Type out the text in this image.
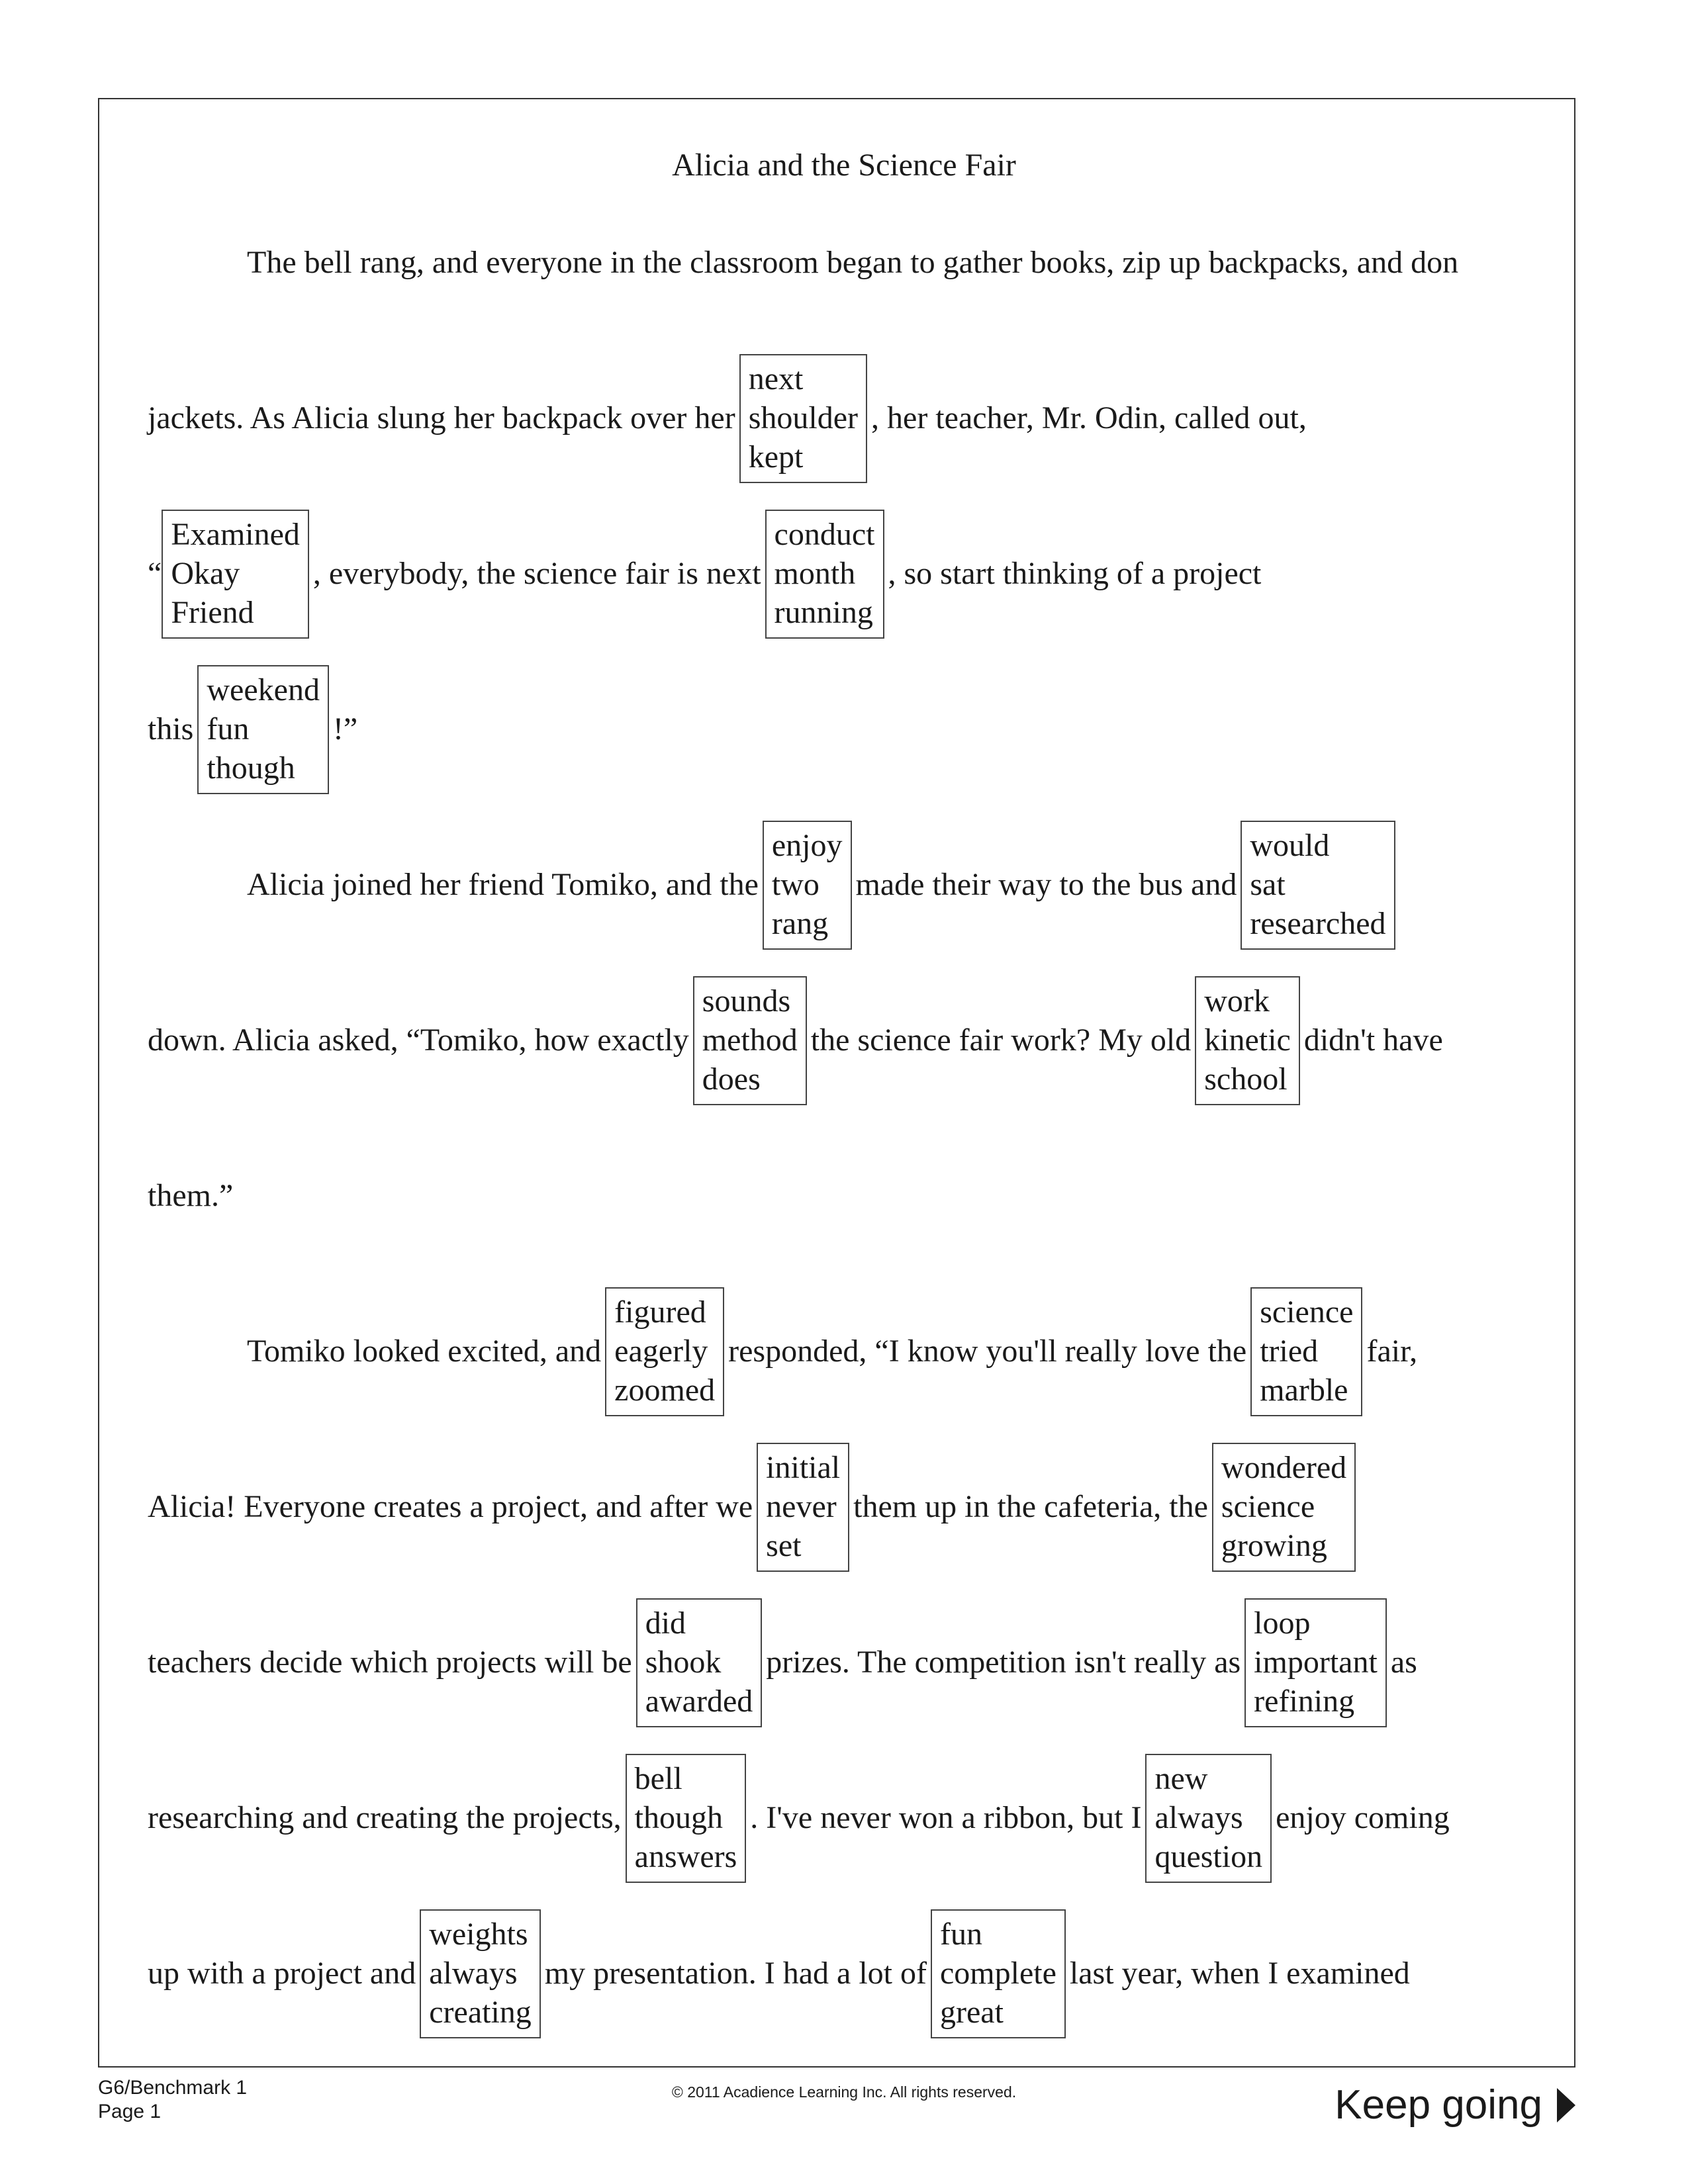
Alicia and the Science Fair
The bell rang, and everyone in the classroom began to gather books, zip up backpacks, and don
jackets. As Alicia slung her backpack over her
next
shoulder
kept
, her teacher, Mr. Odin, called out,
“
Examined
Okay
Friend
, everybody, the science fair is next
conduct
month
running
, so start thinking of a project
this
weekend
fun
though
!”
Alicia joined her friend Tomiko, and the
enjoy
two
rang
made their way to the bus and
would
sat
researched
down. Alicia asked, “Tomiko, how exactly
sounds
method
does
the science fair work? My old
work
kinetic
school
didn't have
them.”
Tomiko looked excited, and
figured
eagerly
zoomed
responded, “I know you'll really love the
science
tried
marble
fair,
Alicia! Everyone creates a project, and after we
initial
never
set
them up in the cafeteria, the
wondered
science
growing
teachers decide which projects will be
did
shook
awarded
prizes. The competition isn't really as
loop
important
refining
as
researching and creating the projects,
bell
though
answers
. I've never won a ribbon, but I
new
always
question
enjoy coming
up with a project and
weights
always
creating
my presentation. I had a lot of
fun
complete
great
last year, when I examined
G6/Benchmark 1
Page 1
© 2011 Acadience Learning Inc. All rights reserved.	Keep going
